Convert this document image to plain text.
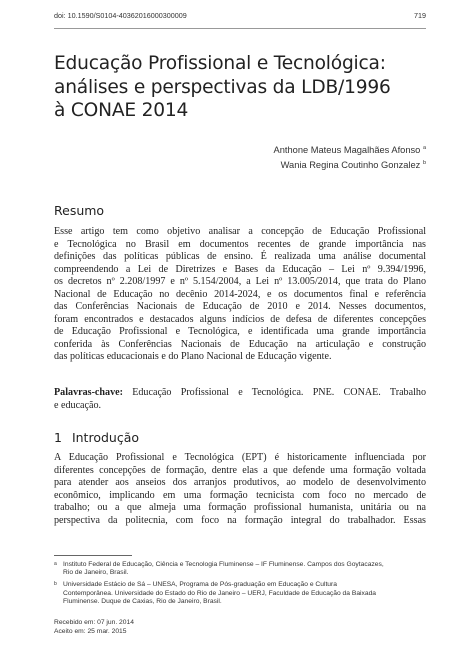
doi: 10.1590/S0104-40362016000300009	719
Educação Profissional e Tecnológica:
análises e perspectivas da LDB/1996
à CONAE 2014
Anthone Mateus Magalhães Afonso $^a$
Wania Regina Coutinho Gonzalez $^b$
Resumo
Esse artigo tem como objetivo analisar a concepção de Educação Profissional
e Tecnológica no Brasil em documentos recentes de grande importância nas
definições das políticas públicas de ensino. É realizada uma análise documental
compreendendo a Lei de Diretrizes e Bases da Educação – Lei nº 9.394/1996,
os decretos nº 2.208/1997 e nº 5.154/2004, a Lei nº 13.005/2014, que trata do Plano
Nacional de Educação no decênio 2014-2024, e os documentos final e referência
das Conferências Nacionais de Educação de 2010 e 2014. Nesses documentos,
foram encontrados e destacados alguns indícios de defesa de diferentes concepções
de Educação Profissional e Tecnológica, e identificada uma grande importância
conferida às Conferências Nacionais de Educação na articulação e construção
das políticas educacionais e do Plano Nacional de Educação vigente.
Palavras-chave: Educação Profissional e Tecnológica. PNE. CONAE. Trabalho
e educação.
1 Introdução
A Educação Profissional e Tecnológica (EPT) é historicamente influenciada por
diferentes concepções de formação, dentre elas a que defende uma formação voltada
para atender aos anseios dos arranjos produtivos, ao modelo de desenvolvimento
econômico, implicando em uma formação tecnicista com foco no mercado de
trabalho; ou a que almeja uma formação profissional humanista, unitária ou na
perspectiva da politecnia, com foco na formação integral do trabalhador. Essas
a Instituto Federal de Educação, Ciência e Tecnologia Fluminense – IF Fluminense. Campos dos Goytacazes,
Rio de Janeiro, Brasil.
b Universidade Estácio de Sá – UNESA, Programa de Pós-graduação em Educação e Cultura
Contemporânea. Universidade do Estado do Rio de Janeiro – UERJ, Faculdade de Educação da Baixada
Fluminense. Duque de Caxias, Rio de Janeiro, Brasil.
Recebido em: 07 jun. 2014
Aceito em: 25 mar. 2015
